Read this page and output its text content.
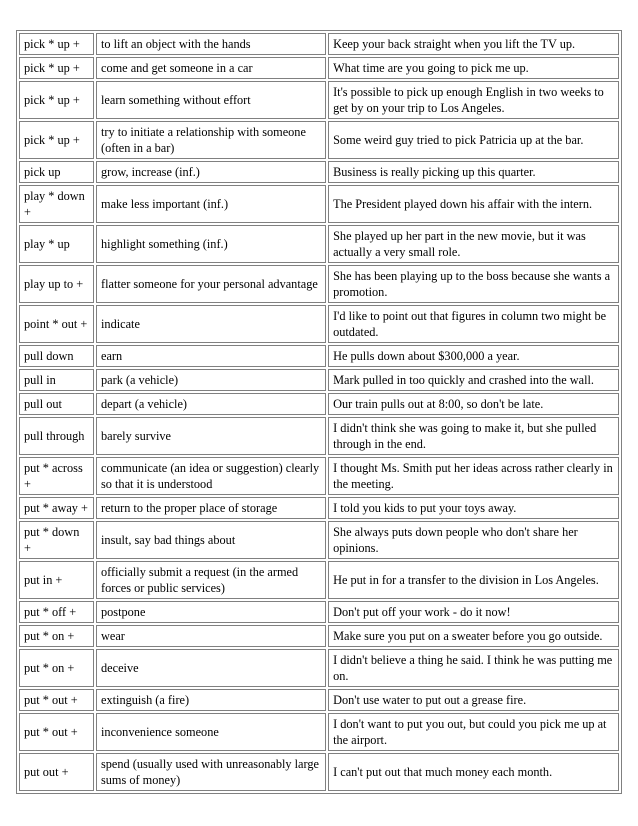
pick * up +	to lift an object with the hands	Keep your back straight when you lift the TV up.
pick * up +	come and get someone in a car	What time are you going to pick me up.
pick * up +	learn something without effort	It's possible to pick up enough English in two weeks to get by on your trip to Los Angeles.
pick * up +	try to initiate a relationship with someone (often in a bar)	Some weird guy tried to pick Patricia up at the bar.
pick up	grow, increase (inf.)	Business is really picking up this quarter.
play * down +	make less important (inf.)	The President played down his affair with the intern.
play * up	highlight something (inf.)	She played up her part in the new movie, but it was actually a very small role.
play up to +	flatter someone for your personal advantage	She has been playing up to the boss because she wants a promotion.
point * out +	indicate	I'd like to point out that figures in column two might be outdated.
pull down	earn	He pulls down about $300,000 a year.
pull in	park (a vehicle)	Mark pulled in too quickly and crashed into the wall.
pull out	depart (a vehicle)	Our train pulls out at 8:00, so don't be late.
pull through	barely survive	I didn't think she was going to make it, but she pulled through in the end.
put * across +	communicate (an idea or suggestion) clearly so that it is understood	I thought Ms. Smith put her ideas across rather clearly in the meeting.
put * away +	return to the proper place of storage	I told you kids to put your toys away.
put * down +	insult, say bad things about	She always puts down people who don't share her opinions.
put in +	officially submit a request (in the armed forces or public services)	He put in for a transfer to the division in Los Angeles.
put * off +	postpone	Don't put off your work - do it now!
put * on +	wear	Make sure you put on a sweater before you go outside.
put * on +	deceive	I didn't believe a thing he said. I think he was putting me on.
put * out +	extinguish (a fire)	Don't use water to put out a grease fire.
put * out +	inconvenience someone	I don't want to put you out, but could you pick me up at the airport.
put out +	spend (usually used with unreasonably large sums of money)	I can't put out that much money each month.
